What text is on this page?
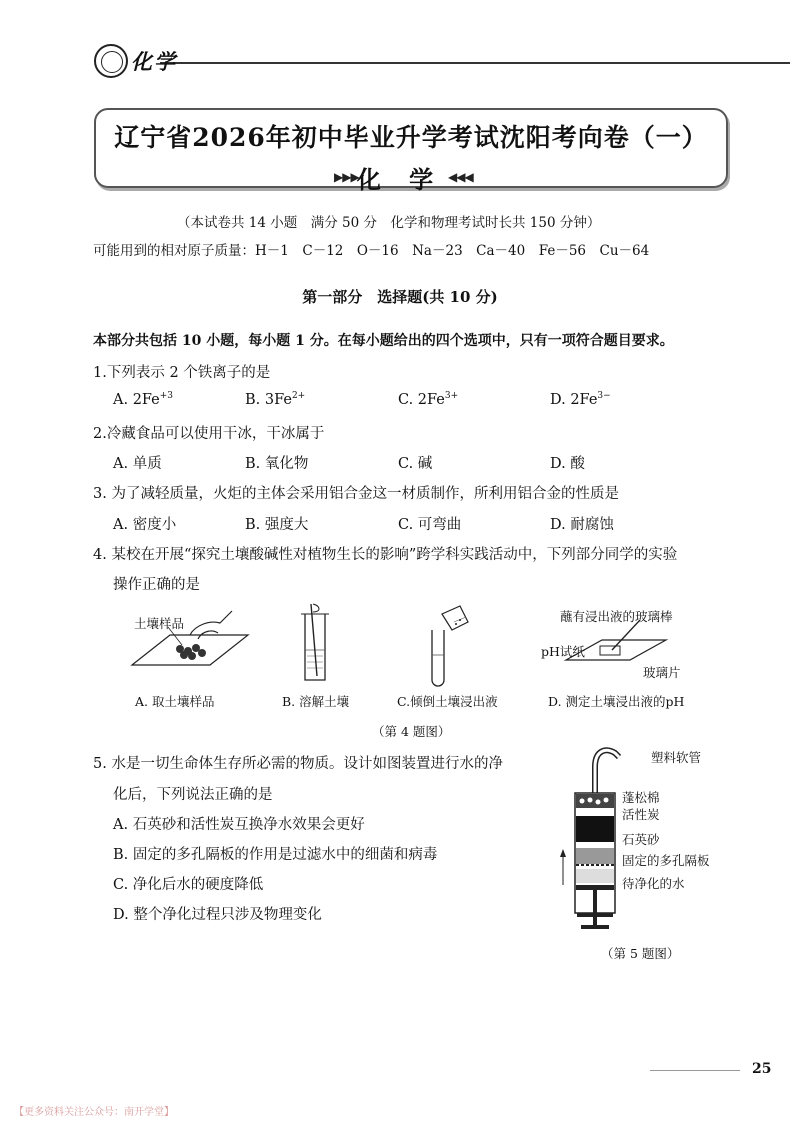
化学
辽宁省2026年初中毕业升学考试沈阳考向卷（一）
▶▶▶
化 学 ◀◀◀
（本试卷共 14 小题　满分 50 分　化学和物理考试时长共 150 分钟）
可能用到的相对原子质量：H－1　C－12　O－16　Na－23　Ca－40　Fe－56　Cu－64
第一部分　选择题(共 10 分)
本部分共包括 10 小题，每小题 1 分。在每小题给出的四个选项中，只有一项符合题目要求。
1.下列表示 2 个铁离子的是
A. $2Fe^{+3}$	B. $3Fe^{2+}$	C. $2Fe^{3+}$	D. $2Fe^{3-}$
2.冷藏食品可以使用干冰，干冰属于
A. 单质	B. 氧化物	C. 碱	D. 酸
3. 为了减轻质量，火炬的主体会采用铝合金这一材质制作，所利用铝合金的性质是
A. 密度小	B. 强度大	C. 可弯曲	D. 耐腐蚀
4. 某校在开展“探究土壤酸碱性对植物生长的影响”跨学科实践活动中，下列部分同学的实验
操作正确的是
土壤样品	蘸有浸出液的玻璃棒
pH试纸
玻璃片
A. 取土壤样品	B. 溶解土壤	C.倾倒土壤浸出液	D. 测定土壤浸出液的pH
（第 4 题图）
5. 水是一切生命体生存所必需的物质。设计如图装置进行水的净
化后，下列说法正确的是
A. 石英砂和活性炭互换净水效果会更好
B. 固定的多孔隔板的作用是过滤水中的细菌和病毒
C. 净化后水的硬度降低
D. 整个净化过程只涉及物理变化
塑料软管
蓬松棉
活性炭
石英砂
固定的多孔隔板
待净化的水
（第 5 题图）
25
【更多资料关注公众号：南开学堂】
